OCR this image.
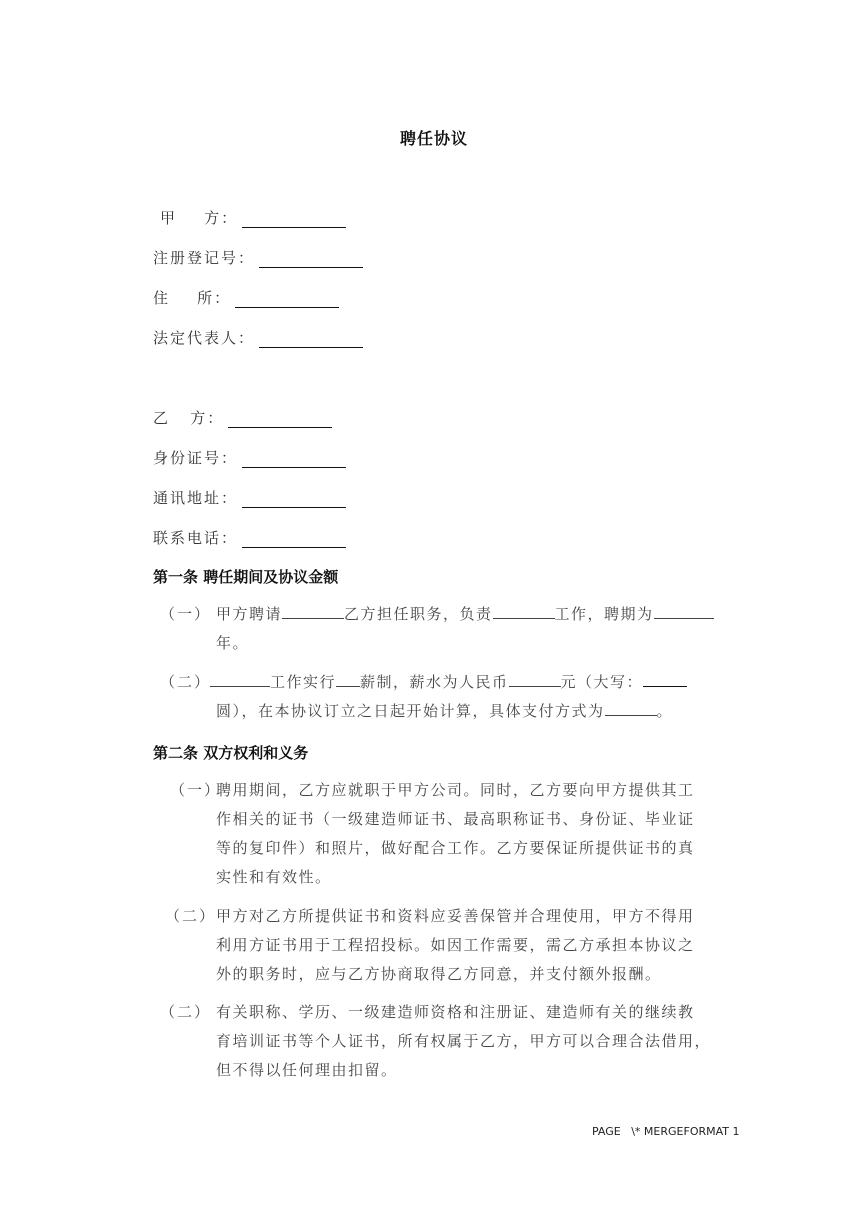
聘任协议
甲    方：
注册登记号：
住    所：
法定代表人：
乙   方：
身份证号：
通讯地址：
联系电话：
第一条 聘任期间及协议金额
（一） 甲方聘请	乙方担任职务，负责	工作，聘期为
年。
（二）	工作实行 薪制，薪水为人民币	元（大写：
圆），在本协议订立之日起开始计算，具体支付方式为	。
第二条 双方权利和义务
（一）
聘用期间，乙方应就职于甲方公司。同时，乙方要向甲方提供其工
作相关的证书（一级建造师证书、最高职称证书、身份证、毕业证
等的复印件）和照片，做好配合工作。乙方要保证所提供证书的真
实性和有效性。
（二） 甲方对乙方所提供证书和资料应妥善保管并合理使用，甲方不得用
利用方证书用于工程招投标。如因工作需要，需乙方承担本协议之
外的职务时，应与乙方协商取得乙方同意，并支付额外报酬。
（二） 有关职称、学历、一级建造师资格和注册证、建造师有关的继续教
育培训证书等个人证书，所有权属于乙方，甲方可以合理合法借用，
但不得以任何理由扣留。
PAGE   \* MERGEFORMAT 1
